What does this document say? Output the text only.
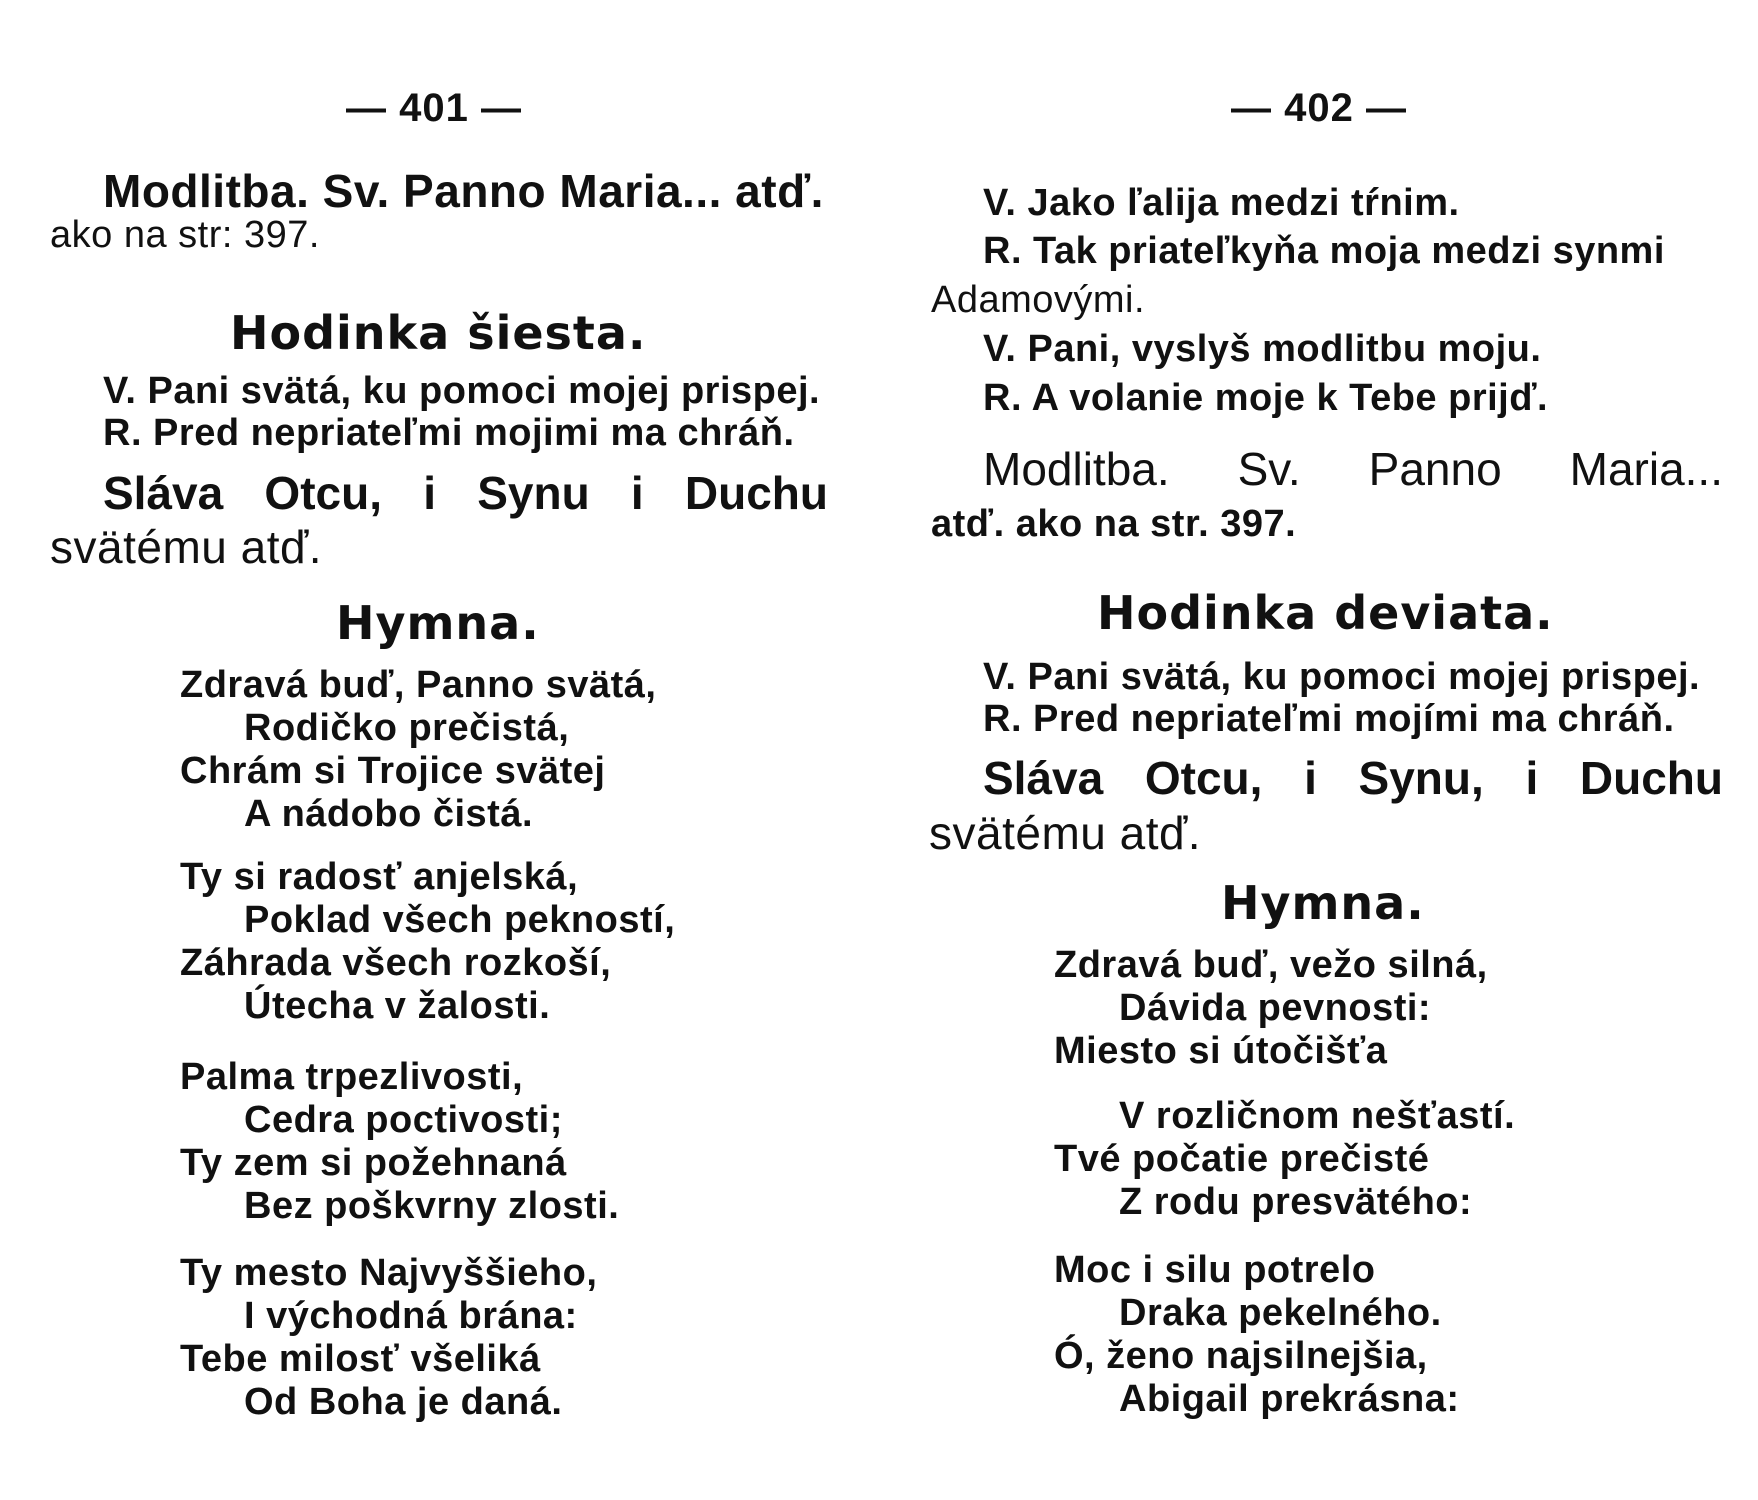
— 401 —
Modlitba. Sv. Panno Maria... atď.
ako na str: 397.
Hodinka šiesta.
V. Pani svätá, ku pomoci mojej prispej.
R. Pred nepriateľmi mojimi ma chráň.
Sláva Otcu, i Synu i Duchu
svätému atď.
Hymna.
Zdravá buď, Panno svätá,
Rodičko prečistá,
Chrám si Trojice svätej
A nádobo čistá.
Ty si radosť anjelská,
Poklad všech pekností,
Záhrada všech rozkoší,
Útecha v žalosti.
Palma trpezlivosti,
Cedra poctivosti;
Ty zem si požehnaná
Bez poškvrny zlosti.
Ty mesto Najvyššieho,
I východná brána:
Tebe milosť všeliká
Od Boha je daná.
— 402 —
V. Jako ľalija medzi tŕnim.
R. Tak priateľkyňa moja medzi synmi
Adamovými.
V. Pani, vyslyš modlitbu moju.
R. A volanie moje k Tebe prijď.
Modlitba. Sv. Panno Maria...
atď. ako na str. 397.
Hodinka deviata.
V. Pani svätá, ku pomoci mojej prispej.
R. Pred nepriateľmi mojími ma chráň.
Sláva Otcu, i Synu, i Duchu
svätému atď.
Hymna.
Zdravá buď, vežo silná,
Dávida pevnosti:
Miesto si útočišťa
V rozličnom nešťastí.
Tvé počatie prečisté
Z rodu presvätého:
Moc i silu potrelo
Draka pekelného.
Ó, ženo najsilnejšia,
Abigail prekrásna:
